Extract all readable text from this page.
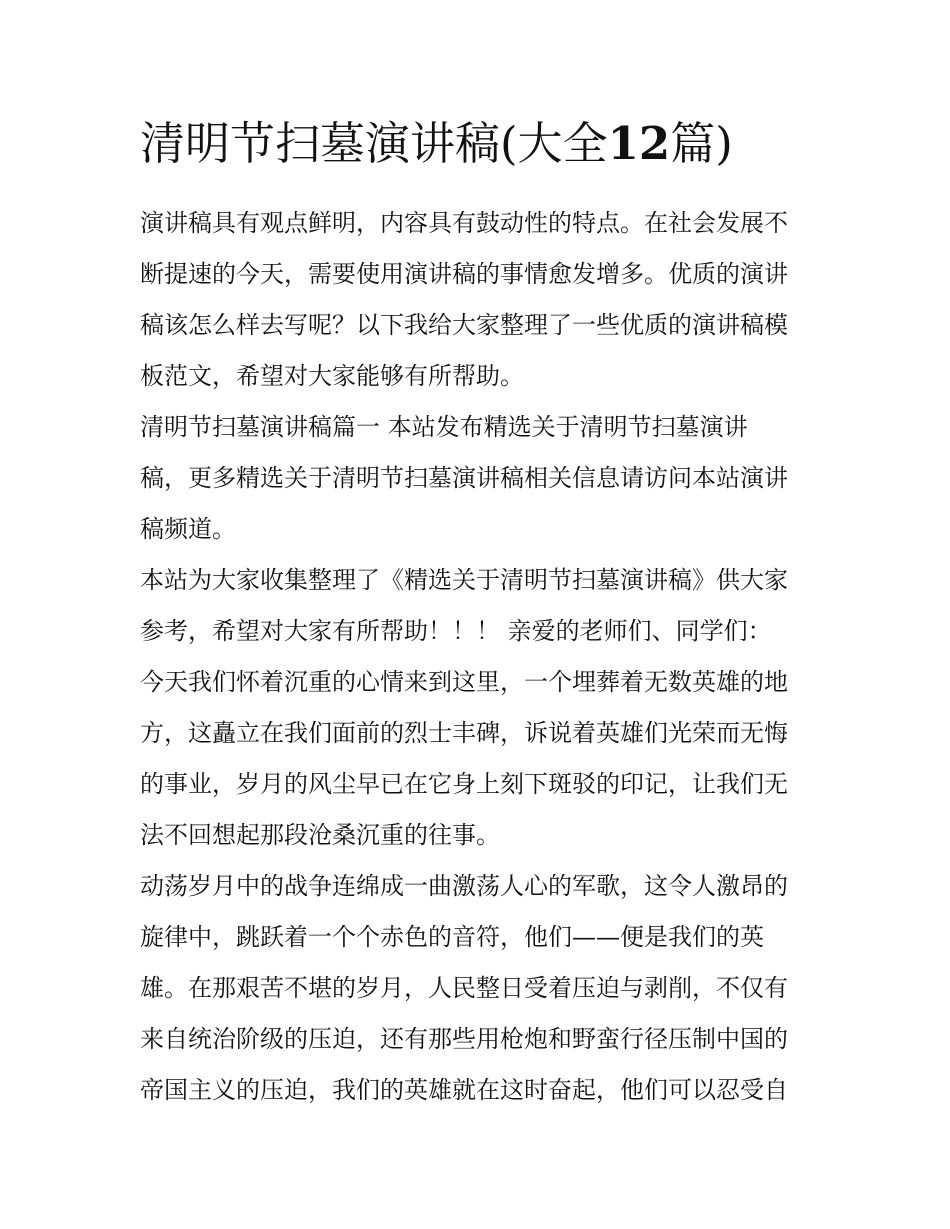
清明节扫墓演讲稿(大全12篇)
演讲稿具有观点鲜明，内容具有鼓动性的特点。在社会发展不
断提速的今天，需要使用演讲稿的事情愈发增多。优质的演讲
稿该怎么样去写呢？以下我给大家整理了一些优质的演讲稿模
板范文，希望对大家能够有所帮助。
清明节扫墓演讲稿篇一 本站发布精选关于清明节扫墓演讲
稿，更多精选关于清明节扫墓演讲稿相关信息请访问本站演讲
稿频道。
本站为大家收集整理了《精选关于清明节扫墓演讲稿》供大家
参考，希望对大家有所帮助！！！ 亲爱的老师们、同学们：
今天我们怀着沉重的心情来到这里，一个埋葬着无数英雄的地
方，这矗立在我们面前的烈士丰碑，诉说着英雄们光荣而无悔
的事业，岁月的风尘早已在它身上刻下斑驳的印记，让我们无
法不回想起那段沧桑沉重的往事。
动荡岁月中的战争连绵成一曲激荡人心的军歌，这令人激昂的
旋律中，跳跃着一个个赤色的音符，他们——便是我们的英
雄。在那艰苦不堪的岁月，人民整日受着压迫与剥削，不仅有
来自统治阶级的压迫，还有那些用枪炮和野蛮行径压制中国的
帝国主义的压迫，我们的英雄就在这时奋起，他们可以忍受自
